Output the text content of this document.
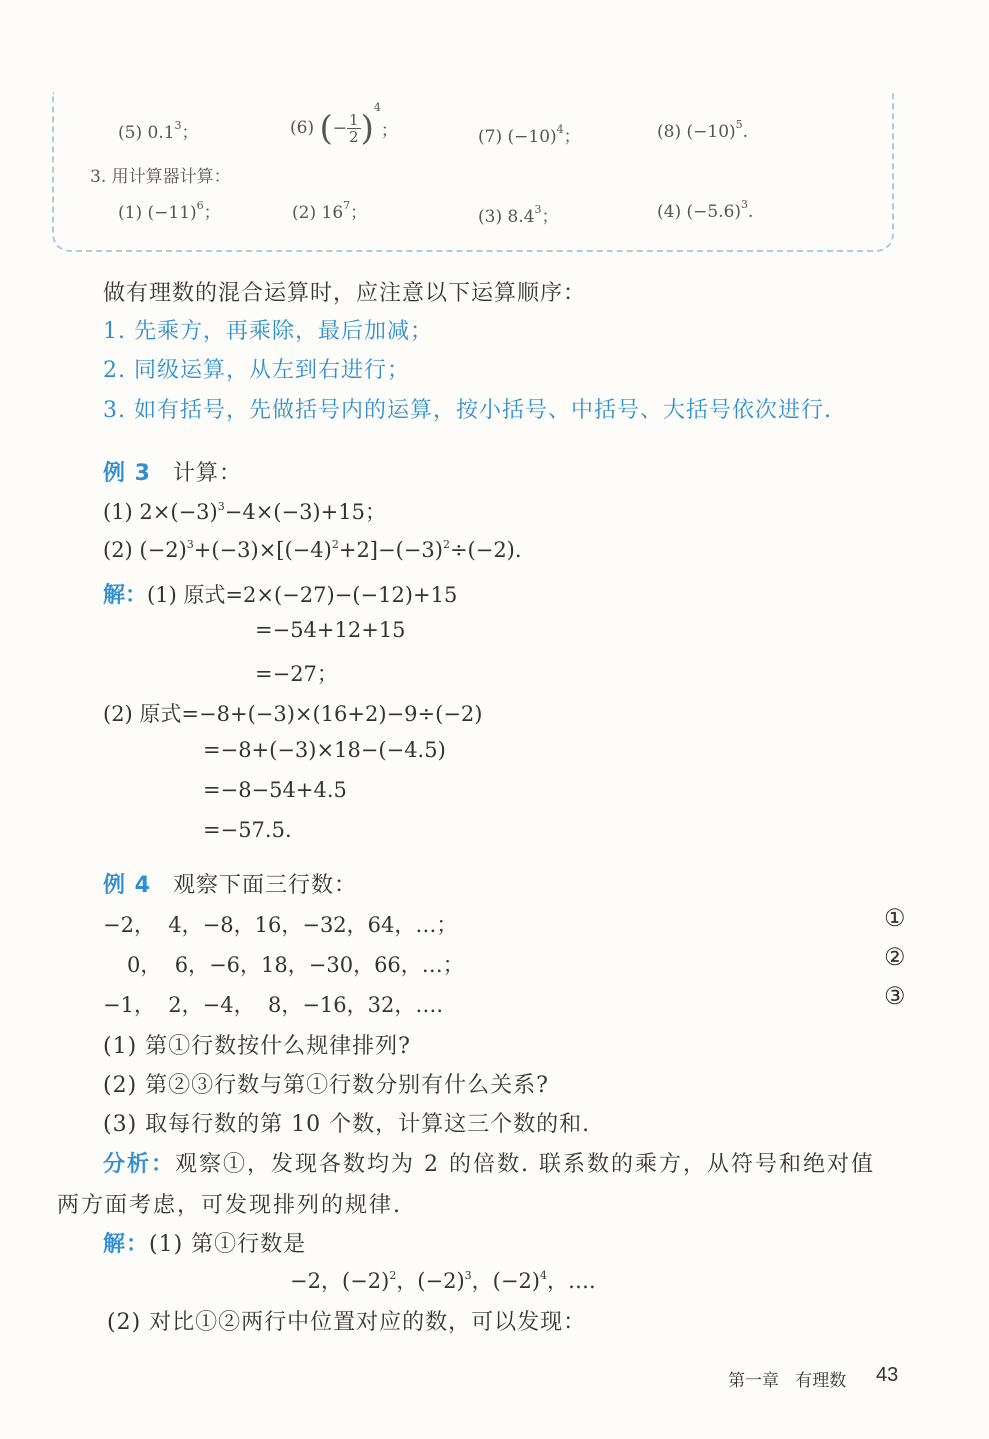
(5) $0.1^3$；	(6) (− $\frac{1}{2} )^4$；	(7) $(-10)^4$；	(8) $(-10)^5$.
3. 用计算器计算：
(1) $(-11)^6$；	(2) $16^7$；	(3) $8.4^3$；	(4) $(-5.6)^3$.
做有理数的混合运算时，应注意以下运算顺序：
1. 先乘方，再乘除，最后加减；
2. 同级运算，从左到右进行；
3. 如有括号，先做括号内的运算，按小括号、中括号、大括号依次进行.
例 3 计算：
(1) $2\times(-3)^3-4\times(-3)+15$；
(2) $(-2)^3+(-3)\times[(-4)^2+2]-(-3)^2\div(-2)$.
解：(1) 原式=2×(−27)−(−12)+15
=−54+12+15
=−27；
(2) 原式=−8+(−3)×(16+2)−9÷(−2)
=−8+(−3)×18−(−4.5)
=−8−54+4.5
=−57.5.
例 4 观察下面三行数：
−2，  4，−8，16，−32，64，…；
0，  6，−6，18，−30，66，…；
−1，  2，−4，  8，−16，32，….
①
②
③
(1) 第①行数按什么规律排列?
(2) 第②③行数与第①行数分别有什么关系?
(3) 取每行数的第 10 个数，计算这三个数的和.
分析：观察①，发现各数均为 2 的倍数. 联系数的乘方，从符号和绝对值
两方面考虑，可发现排列的规律.
解：(1) 第①行数是
−2，$(-2)^2$，$(-2)^3$，$(-2)^4$，….
(2) 对比①②两行中位置对应的数，可以发现：
第一章   有理数 43
